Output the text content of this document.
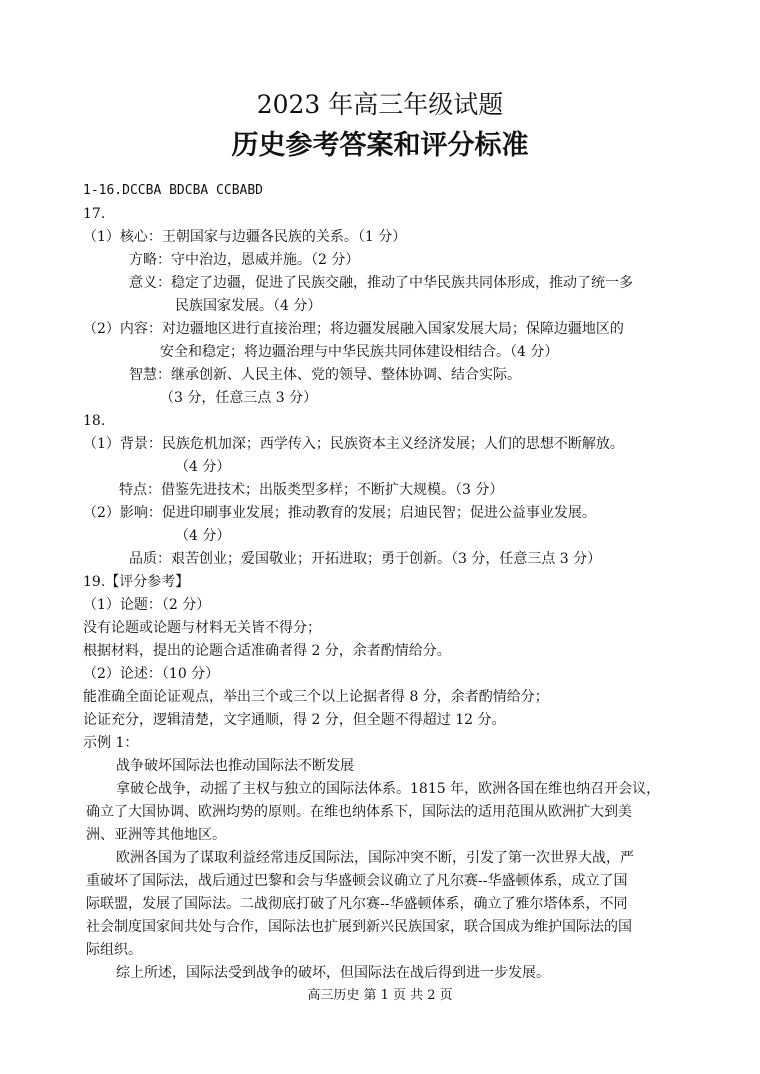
2023 年高三年级试题
历史参考答案和评分标准
1-16.DCCBA BDCBA CCBABD
17.
（1）核心：王朝国家与边疆各民族的关系。（1 分）
方略：守中治边，恩威并施。（2 分）
意义：稳定了边疆，促进了民族交融，推动了中华民族共同体形成，推动了统一多
民族国家发展。（4 分）
（2）内容：对边疆地区进行直接治理；将边疆发展融入国家发展大局；保障边疆地区的
安全和稳定；将边疆治理与中华民族共同体建设相结合。（4 分）
智慧：继承创新、人民主体、党的领导、整体协调、结合实际。
（3 分，任意三点 3 分）
18.
（1）背景：民族危机加深；西学传入；民族资本主义经济发展；人们的思想不断解放。
（4 分）
特点：借鉴先进技术；出版类型多样；不断扩大规模。（3 分）
（2）影响：促进印刷事业发展；推动教育的发展；启迪民智；促进公益事业发展。
（4 分）
品质：艰苦创业；爱国敬业；开拓进取；勇于创新。（3 分，任意三点 3 分）
19.【评分参考】
（1）论题：（2 分）
没有论题或论题与材料无关皆不得分；
根据材料，提出的论题合适准确者得 2 分，余者酌情给分。
（2）论述：（10 分）
能准确全面论证观点，举出三个或三个以上论据者得 8 分，余者酌情给分；
论证充分，逻辑清楚，文字通顺，得 2 分，但全题不得超过 12 分。
示例 1：
战争破坏国际法也推动国际法不断发展
拿破仑战争，动摇了主权与独立的国际法体系。1815 年，欧洲各国在维也纳召开会议，
确立了大国协调、欧洲均势的原则。在维也纳体系下，国际法的适用范围从欧洲扩大到美
洲、亚洲等其他地区。
欧洲各国为了谋取利益经常违反国际法，国际冲突不断，引发了第一次世界大战，严
重破坏了国际法，战后通过巴黎和会与华盛顿会议确立了凡尔赛--华盛顿体系，成立了国
际联盟，发展了国际法。二战彻底打破了凡尔赛--华盛顿体系，确立了雅尔塔体系，不同
社会制度国家间共处与合作，国际法也扩展到新兴民族国家，联合国成为维护国际法的国
际组织。
综上所述，国际法受到战争的破坏，但国际法在战后得到进一步发展。
高三历史 第 1 页 共 2 页
